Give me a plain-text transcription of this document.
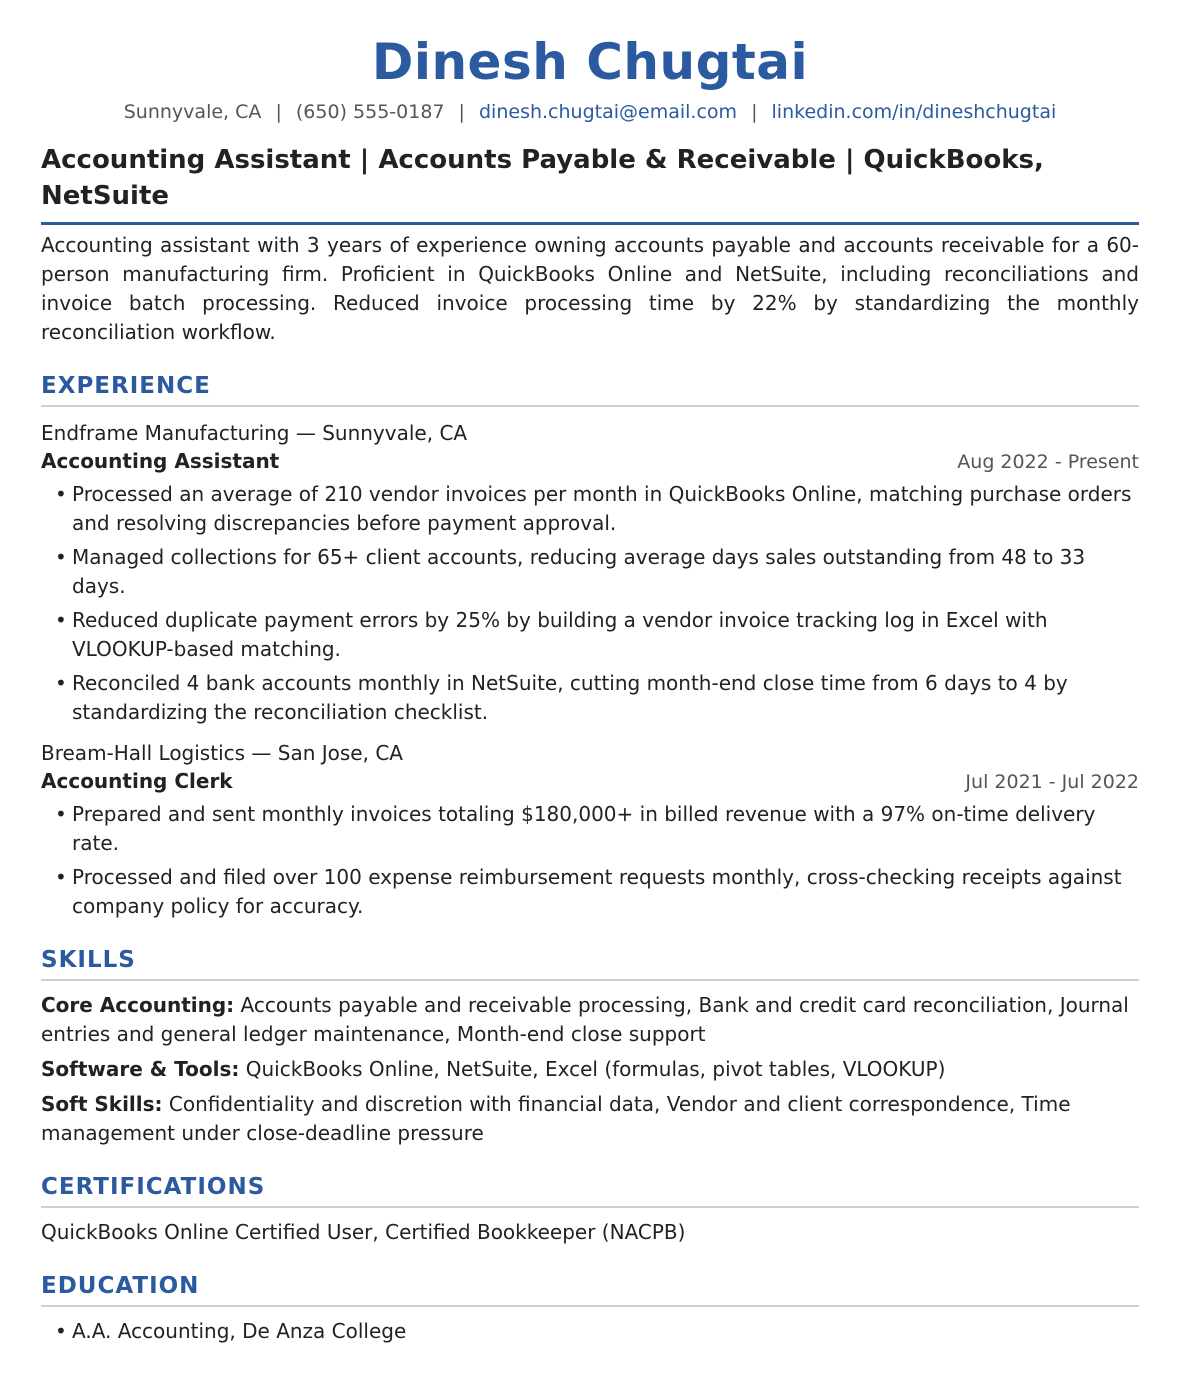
Dinesh Chugtai
Sunnyvale, CA | (650) 555-0187 | dinesh.chugtai@email.com | linkedin.com/in/dineshchugtai
Accounting Assistant | Accounts Payable & Receivable | QuickBooks, NetSuite
Accounting assistant with 3 years of experience owning accounts payable and accounts receivable for a 60-person manufacturing firm. Proficient in QuickBooks Online and NetSuite, including reconciliations and invoice batch processing. Reduced invoice processing time by 22% by standardizing the monthly reconciliation workflow.
EXPERIENCE
Endframe Manufacturing — Sunnyvale, CA
Accounting Assistant	Aug 2022 - Present
• Processed an average of 210 vendor invoices per month in QuickBooks Online, matching purchase orders and resolving discrepancies before payment approval.
• Managed collections for 65+ client accounts, reducing average days sales outstanding from 48 to 33 days.
• Reduced duplicate payment errors by 25% by building a vendor invoice tracking log in Excel with VLOOKUP-based matching.
• Reconciled 4 bank accounts monthly in NetSuite, cutting month-end close time from 6 days to 4 by standardizing the reconciliation checklist.
Bream-Hall Logistics — San Jose, CA
Accounting Clerk	Jul 2021 - Jul 2022
• Prepared and sent monthly invoices totaling $180,000+ in billed revenue with a 97% on-time delivery rate.
• Processed and filed over 100 expense reimbursement requests monthly, cross-checking receipts against company policy for accuracy.
SKILLS
Core Accounting: Accounts payable and receivable processing, Bank and credit card reconciliation, Journal entries and general ledger maintenance, Month-end close support
Software & Tools: QuickBooks Online, NetSuite, Excel (formulas, pivot tables, VLOOKUP)
Soft Skills: Confidentiality and discretion with financial data, Vendor and client correspondence, Time management under close-deadline pressure
CERTIFICATIONS
QuickBooks Online Certified User, Certified Bookkeeper (NACPB)
EDUCATION
• A.A. Accounting, De Anza College
